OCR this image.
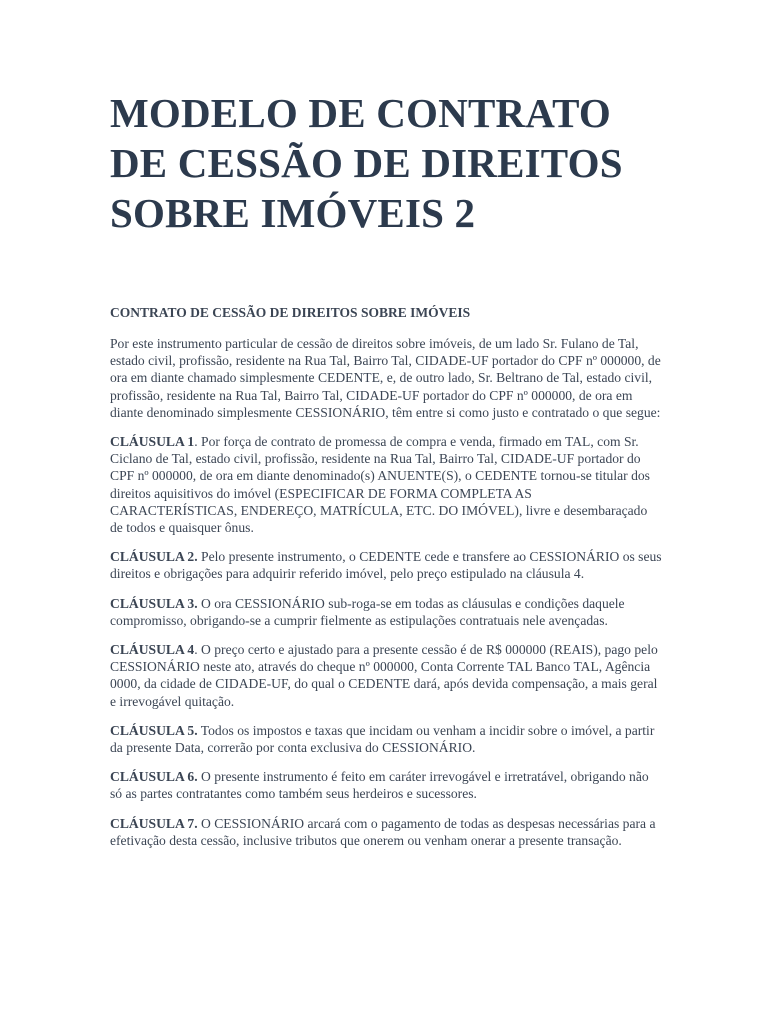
MODELO DE CONTRATO
DE CESSÃO DE DIREITOS
SOBRE IMÓVEIS 2

CONTRATO DE CESSÃO DE DIREITOS SOBRE IMÓVEIS

Por este instrumento particular de cessão de direitos sobre imóveis, de um lado Sr. Fulano de Tal, estado civil, profissão, residente na Rua Tal, Bairro Tal, CIDADE-UF portador do CPF nº 000000, de ora em diante chamado simplesmente CEDENTE, e, de outro lado, Sr. Beltrano de Tal, estado civil, profissão, residente na Rua Tal, Bairro Tal, CIDADE-UF portador do CPF nº 000000, de ora em diante denominado simplesmente CESSIONÁRIO, têm entre si como justo e contratado o que segue:

CLÁUSULA 1. Por força de contrato de promessa de compra e venda, firmado em TAL, com Sr. Ciclano de Tal, estado civil, profissão, residente na Rua Tal, Bairro Tal, CIDADE-UF portador do CPF nº 000000, de ora em diante denominado(s) ANUENTE(S), o CEDENTE tornou-se titular dos direitos aquisitivos do imóvel (ESPECIFICAR DE FORMA COMPLETA AS CARACTERÍSTICAS, ENDEREÇO, MATRÍCULA, ETC. DO IMÓVEL), livre e desembaraçado de todos e quaisquer ônus.

CLÁUSULA 2. Pelo presente instrumento, o CEDENTE cede e transfere ao CESSIONÁRIO os seus direitos e obrigações para adquirir referido imóvel, pelo preço estipulado na cláusula 4.

CLÁUSULA 3. O ora CESSIONÁRIO sub-roga-se em todas as cláusulas e condições daquele compromisso, obrigando-se a cumprir fielmente as estipulações contratuais nele avençadas.

CLÁUSULA 4. O preço certo e ajustado para a presente cessão é de R$ 000000 (REAIS), pago pelo CESSIONÁRIO neste ato, através do cheque nº 000000, Conta Corrente TAL Banco TAL, Agência 0000, da cidade de CIDADE-UF, do qual o CEDENTE dará, após devida compensação, a mais geral e irrevogável quitação.

CLÁUSULA 5. Todos os impostos e taxas que incidam ou venham a incidir sobre o imóvel, a partir da presente Data, correrão por conta exclusiva do CESSIONÁRIO.

CLÁUSULA 6. O presente instrumento é feito em caráter irrevogável e irretratável, obrigando não só as partes contratantes como também seus herdeiros e sucessores.

CLÁUSULA 7. O CESSIONÁRIO arcará com o pagamento de todas as despesas necessárias para a efetivação desta cessão, inclusive tributos que onerem ou venham onerar a presente transação.
